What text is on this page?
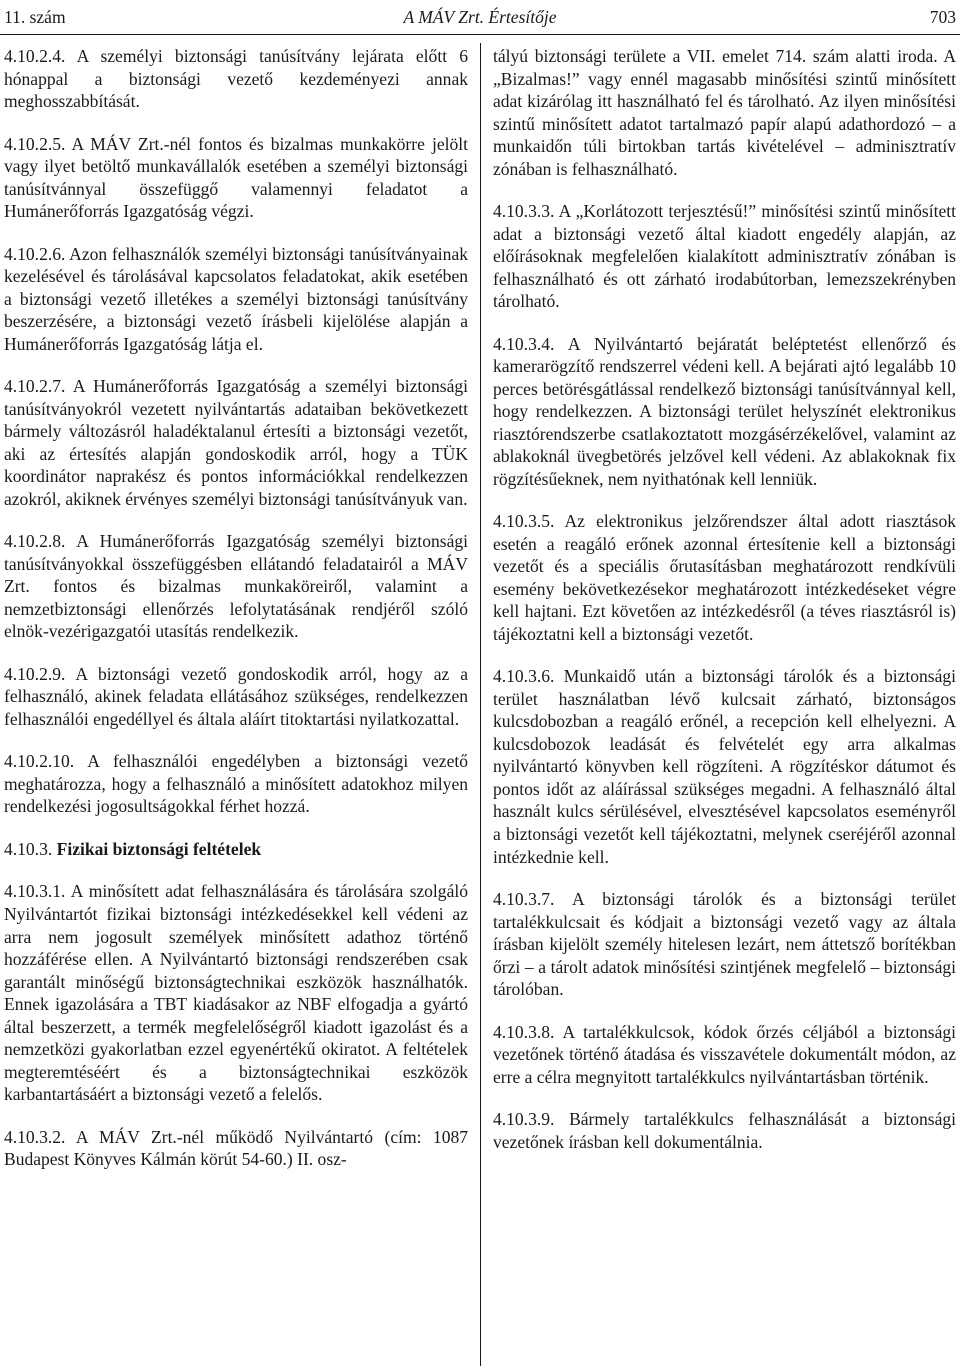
11. szám	A MÁV Zrt. Értesítője	703

4.10.2.4. A személyi biztonsági tanúsítvány lejárata előtt 6 hónappal a biztonsági vezető kezdeményezi annak meghosszabbítását.

4.10.2.5. A MÁV Zrt.-nél fontos és bizalmas munkakörre jelölt vagy ilyet betöltő munkavállalók esetében a személyi biztonsági tanúsítvánnyal összefüggő valamennyi feladatot a Humánerőforrás Igazgatóság végzi.

4.10.2.6. Azon felhasználók személyi biztonsági tanúsítványainak kezelésével és tárolásával kapcsolatos feladatokat, akik esetében a biztonsági vezető illetékes a személyi biztonsági tanúsítvány beszerzésére, a biztonsági vezető írásbeli kijelölése alapján a Humánerőforrás Igazgatóság látja el.

4.10.2.7. A Humánerőforrás Igazgatóság a személyi biztonsági tanúsítványokról vezetett nyilvántartás adataiban bekövetkezett bármely változásról haladéktalanul értesíti a biztonsági vezetőt, aki az értesítés alapján gondoskodik arról, hogy a TÜK koordinátor naprakész és pontos információkkal rendelkezzen azokról, akiknek érvényes személyi biztonsági tanúsítványuk van.

4.10.2.8. A Humánerőforrás Igazgatóság személyi biztonsági tanúsítványokkal összefüggésben ellátandó feladatairól a MÁV Zrt. fontos és bizalmas munkaköreiről, valamint a nemzetbiztonsági ellenőrzés lefolytatásának rendjéről szóló elnök-vezérigazgatói utasítás rendelkezik.

4.10.2.9. A biztonsági vezető gondoskodik arról, hogy az a felhasználó, akinek feladata ellátásához szükséges, rendelkezzen felhasználói engedéllyel és általa aláírt titoktartási nyilatkozattal.

4.10.2.10. A felhasználói engedélyben a biztonsági vezető meghatározza, hogy a felhasználó a minősített adatokhoz milyen rendelkezési jogosultságokkal férhet hozzá.

4.10.3. Fizikai biztonsági feltételek

4.10.3.1. A minősített adat felhasználására és tárolására szolgáló Nyilvántartót fizikai biztonsági intézkedésekkel kell védeni az arra nem jogosult személyek minősített adathoz történő hozzáférése ellen. A Nyilvántartó biztonsági rendszerében csak garantált minőségű biztonságtechnikai eszközök használhatók. Ennek igazolására a TBT kiadásakor az NBF elfogadja a gyártó által beszerzett, a termék megfelelőségről kiadott igazolást és a nemzetközi gyakorlatban ezzel egyenértékű okiratot. A feltételek megteremtéséért és a biztonságtechnikai eszközök karbantartásáért a biztonsági vezető a felelős.

4.10.3.2. A MÁV Zrt.-nél működő Nyilvántartó (cím: 1087 Budapest Könyves Kálmán körút 54-60.) II. osz-

tályú biztonsági területe a VII. emelet 714. szám alatti iroda. A „Bizalmas!” vagy ennél magasabb minősítési szintű minősített adat kizárólag itt használható fel és tárolható. Az ilyen minősítési szintű minősített adatot tartalmazó papír alapú adathordozó – a munkaidőn túli birtokban tartás kivételével – adminisztratív zónában is felhasználható.

4.10.3.3. A „Korlátozott terjesztésű!” minősítési szintű minősített adat a biztonsági vezető által kiadott engedély alapján, az előírásoknak megfelelően kialakított adminisztratív zónában is felhasználható és ott zárható irodabútorban, lemezszekrényben tárolható.

4.10.3.4. A Nyilvántartó bejáratát beléptetést ellenőrző és kamerarögzítő rendszerrel védeni kell. A bejárati ajtó legalább 10 perces betörésgátlással rendelkező biztonsági tanúsítvánnyal kell, hogy rendelkezzen. A biztonsági terület helyszínét elektronikus riasztórendszerbe csatlakoztatott mozgásérzékelővel, valamint az ablakoknál üvegbetörés jelzővel kell védeni. Az ablakoknak fix rögzítésűeknek, nem nyithatónak kell lenniük.

4.10.3.5. Az elektronikus jelzőrendszer által adott riasztások esetén a reagáló erőnek azonnal értesítenie kell a biztonsági vezetőt és a speciális őrutasításban meghatározott rendkívüli esemény bekövetkezésekor meghatározott intézkedéseket végre kell hajtani. Ezt követően az intézkedésről (a téves riasztásról is) tájékoztatni kell a biztonsági vezetőt.

4.10.3.6. Munkaidő után a biztonsági tárolók és a biztonsági terület használatban lévő kulcsait zárható, biztonságos kulcsdobozban a reagáló erőnél, a recepción kell elhelyezni. A kulcsdobozok leadását és felvételét egy arra alkalmas nyilvántartó könyvben kell rögzíteni. A rögzítéskor dátumot és pontos időt az aláírással szükséges megadni. A felhasználó által használt kulcs sérülésével, elvesztésével kapcsolatos eseményről a biztonsági vezetőt kell tájékoztatni, melynek cseréjéről azonnal intézkednie kell.

4.10.3.7. A biztonsági tárolók és a biztonsági terület tartalékkulcsait és kódjait a biztonsági vezető vagy az általa írásban kijelölt személy hitelesen lezárt, nem áttetsző borítékban őrzi – a tárolt adatok minősítési szintjének megfelelő – biztonsági tárolóban.

4.10.3.8. A tartalékkulcsok, kódok őrzés céljából a biztonsági vezetőnek történő átadása és visszavétele dokumentált módon, az erre a célra megnyitott tartalékkulcs nyilvántartásban történik.

4.10.3.9. Bármely tartalékkulcs felhasználását a biztonsági vezetőnek írásban kell dokumentálnia.
